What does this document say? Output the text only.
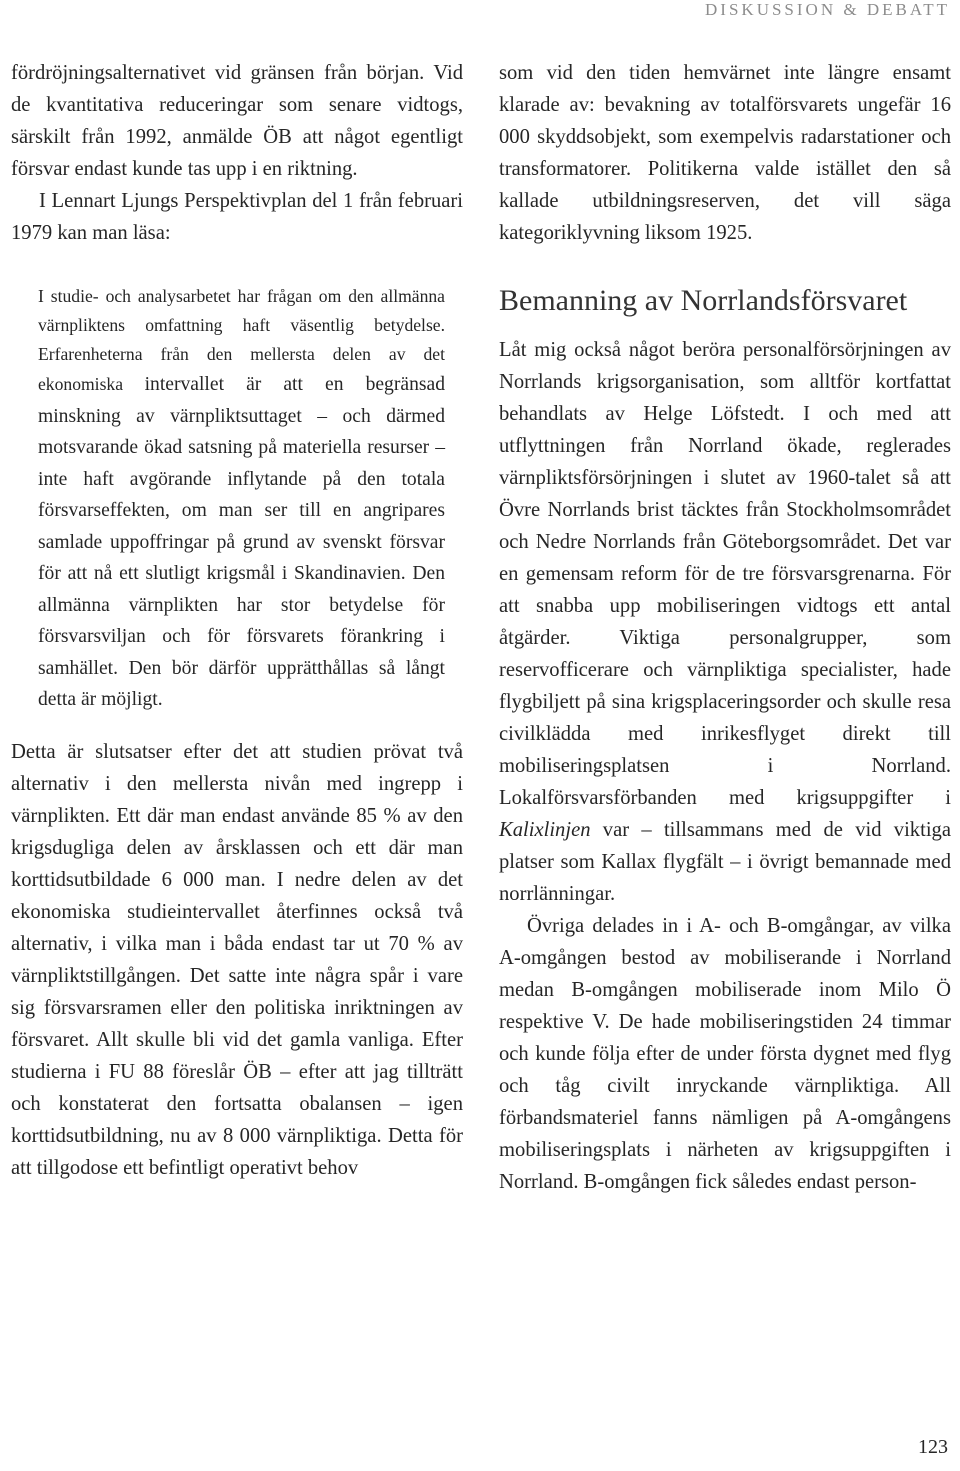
DISKUSSION & DEBATT

fördröjningsalternativet vid gränsen från början. Vid de kvantitativa reduceringar som senare vidtogs, särskilt från 1992, anmälde ÖB att något egentligt försvar endast kunde tas upp i en riktning.

I Lennart Ljungs Perspektivplan del 1 från februari 1979 kan man läsa:

I studie- och analysarbetet har frågan om den allmänna värnpliktens omfattning haft väsentlig betydelse. Erfarenheterna från den mellersta delen av det ekonomiska intervallet är att en begränsad minskning av värnpliktsuttaget – och därmed motsvarande ökad satsning på materiella resurser – inte haft avgörande inflytande på den totala försvarseffekten, om man ser till en angripares samlade uppoffringar på grund av svenskt försvar för att nå ett slutligt krigsmål i Skandinavien. Den allmänna värnplikten har stor betydelse för försvarsviljan och för försvarets förankring i samhället. Den bör därför upprätthållas så långt detta är möjligt.

Detta är slutsatser efter det att studien prövat två alternativ i den mellersta nivån med ingrepp i värnplikten. Ett där man endast använde 85 % av den krigsdugliga delen av årsklassen och ett där man korttidsutbildade 6 000 man. I nedre delen av det ekonomiska studieintervallet återfinnes också två alternativ, i vilka man i båda endast tar ut 70 % av värnpliktstillgången. Det satte inte några spår i vare sig försvarsramen eller den politiska inriktningen av försvaret. Allt skulle bli vid det gamla vanliga. Efter studierna i FU 88 föreslår ÖB – efter att jag tillträtt och konstaterat den fortsatta obalansen – igen korttidsutbildning, nu av 8 000 värnpliktiga. Detta för att tillgodose ett befintligt operativt behov

som vid den tiden hemvärnet inte längre ensamt klarade av: bevakning av totalförsvarets ungefär 16 000 skyddsobjekt, som exempelvis radarstationer och transformatorer. Politikerna valde istället den så kallade utbildningsreserven, det vill säga kategoriklyvning liksom 1925.

Bemanning av Norrlandsförsvaret

Låt mig också något beröra personalförsörjningen av Norrlands krigsorganisation, som alltför kortfattat behandlats av Helge Löfstedt. I och med att utflyttningen från Norrland ökade, reglerades värnpliktsförsörjningen i slutet av 1960-talet så att Övre Norrlands brist täcktes från Stockholmsområdet och Nedre Norrlands från Göteborgsområdet. Det var en gemensam reform för de tre försvarsgrenarna. För att snabba upp mobiliseringen vidtogs ett antal åtgärder. Viktiga personalgrupper, som reservofficerare och värnpliktiga specialister, hade flygbiljett på sina krigsplaceringsorder och skulle resa civilklädda med inrikesflyget direkt till mobiliseringsplatsen i Norrland. Lokalförsvarsförbanden med krigsuppgifter i Kalixlinjen var – tillsammans med de vid viktiga platser som Kallax flygfält – i övrigt bemannade med norrlänningar.

Övriga delades in i A- och B-omgångar, av vilka A-omgången bestod av mobiliserande i Norrland medan B-omgången mobiliserade inom Milo Ö respektive V. De hade mobiliseringstiden 24 timmar och kunde följa efter de under första dygnet med flyg och tåg civilt inryckande värnpliktiga. All förbandsmateriel fanns nämligen på A-omgångens mobiliseringsplats i närheten av krigsuppgiften i Norrland. B-omgången fick således endast person-

123
